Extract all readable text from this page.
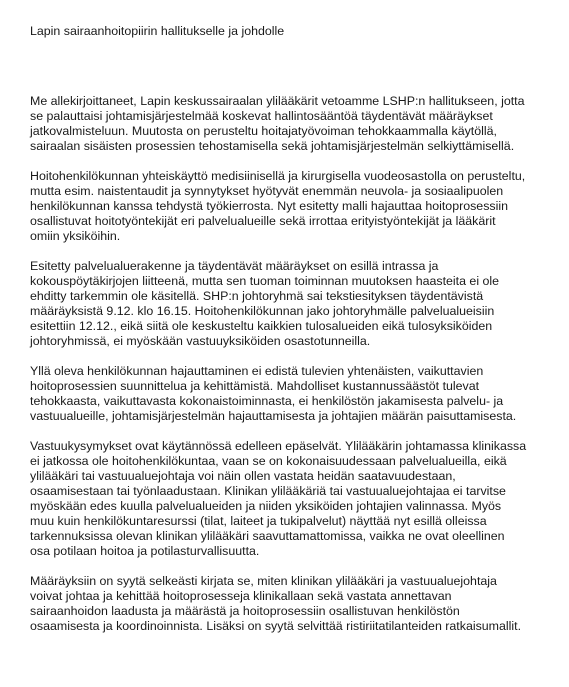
Lapin sairaanhoitopiirin hallitukselle ja johdolle

Me allekirjoittaneet, Lapin keskussairaalan ylilääkärit vetoamme LSHP:n hallitukseen, jotta
se palauttaisi johtamisjärjestelmää koskevat hallintosääntöä täydentävät määräykset
jatkovalmisteluun. Muutosta on perusteltu hoitajatyövoiman tehokkaammalla käytöllä,
sairaalan sisäisten prosessien tehostamisella sekä johtamisjärjestelmän selkiyttämisellä.

Hoitohenkilökunnan yhteiskäyttö medisiinisellä ja kirurgisella vuodeosastolla on perusteltu,
mutta esim. naistentaudit ja synnytykset hyötyvät enemmän neuvola- ja sosiaalipuolen
henkilökunnan kanssa tehdystä työkierrosta. Nyt esitetty malli hajauttaa hoitoprosessiin
osallistuvat hoitotyöntekijät eri palvelualueille sekä irrottaa erityistyöntekijät ja lääkärit
omiin yksiköihin.

Esitetty palvelualuerakenne ja täydentävät määräykset on esillä intrassa ja
kokouspöytäkirjojen liitteenä, mutta sen tuoman toiminnan muutoksen haasteita ei ole
ehditty tarkemmin ole käsitellä. SHP:n johtoryhmä sai tekstiesityksen täydentävistä
määräyksistä 9.12. klo 16.15. Hoitohenkilökunnan jako johtoryhmälle palvelualueisiin
esitettiin 12.12., eikä siitä ole keskusteltu kaikkien tulosalueiden eikä tulosyksiköiden
johtoryhmissä, ei myöskään vastuuyksiköiden osastotunneilla.

Yllä oleva henkilökunnan hajauttaminen ei edistä tulevien yhtenäisten, vaikuttavien
hoitoprosessien suunnittelua ja kehittämistä. Mahdolliset kustannussäästöt tulevat
tehokkaasta, vaikuttavasta kokonaistoiminnasta, ei henkilöstön jakamisesta palvelu- ja
vastuualueille, johtamisjärjestelmän hajauttamisesta ja johtajien määrän paisuttamisesta.

Vastuukysymykset ovat käytännössä edelleen epäselvät. Ylilääkärin johtamassa klinikassa
ei jatkossa ole hoitohenkilökuntaa, vaan se on kokonaisuudessaan palvelualueilla, eikä
ylilääkäri tai vastuualuejohtaja voi näin ollen vastata heidän saatavuudestaan,
osaamisestaan tai työnlaadustaan. Klinikan ylilääkäriä tai vastuualuejohtajaa ei tarvitse
myöskään edes kuulla palvelualueiden ja niiden yksiköiden johtajien valinnassa. Myös
muu kuin henkilökuntaresurssi (tilat, laiteet ja tukipalvelut) näyttää nyt esillä olleissa
tarkennuksissa olevan klinikan ylilääkäri saavuttamattomissa, vaikka ne ovat oleellinen
osa potilaan hoitoa ja potilasturvallisuutta.

Määräyksiin on syytä selkeästi kirjata se, miten klinikan ylilääkäri ja vastuualuejohtaja
voivat johtaa ja kehittää hoitoprosesseja klinikallaan sekä vastata annettavan
sairaanhoidon laadusta ja määrästä ja hoitoprosessiin osallistuvan henkilöstön
osaamisesta ja koordinoinnista. Lisäksi on syytä selvittää ristiriitatilanteiden ratkaisumallit.
